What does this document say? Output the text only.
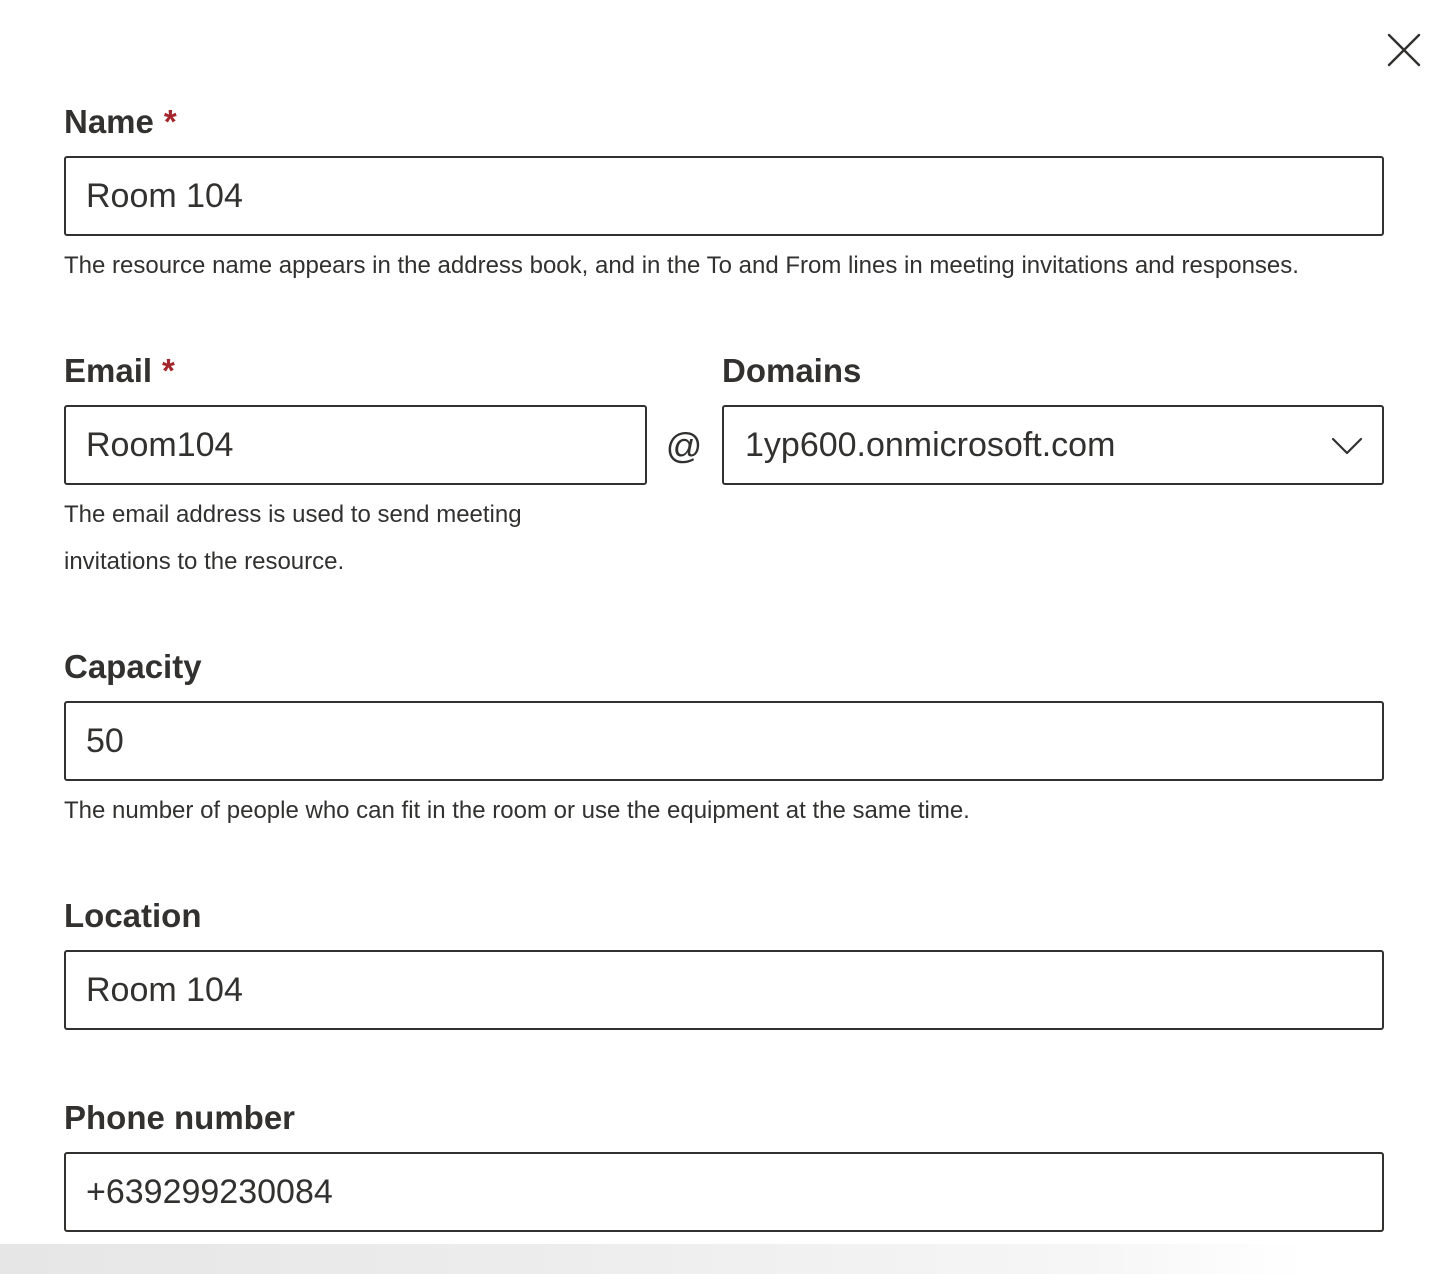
Name *
Room 104
The resource name appears in the address book, and in the To and From lines in meeting invitations and responses.
Email *
Room104
@
The email address is used to send meeting
invitations to the resource.
Domains
1yp600.onmicrosoft.com
Capacity
50
The number of people who can fit in the room or use the equipment at the same time.
Location
Room 104
Phone number
+639299230084
